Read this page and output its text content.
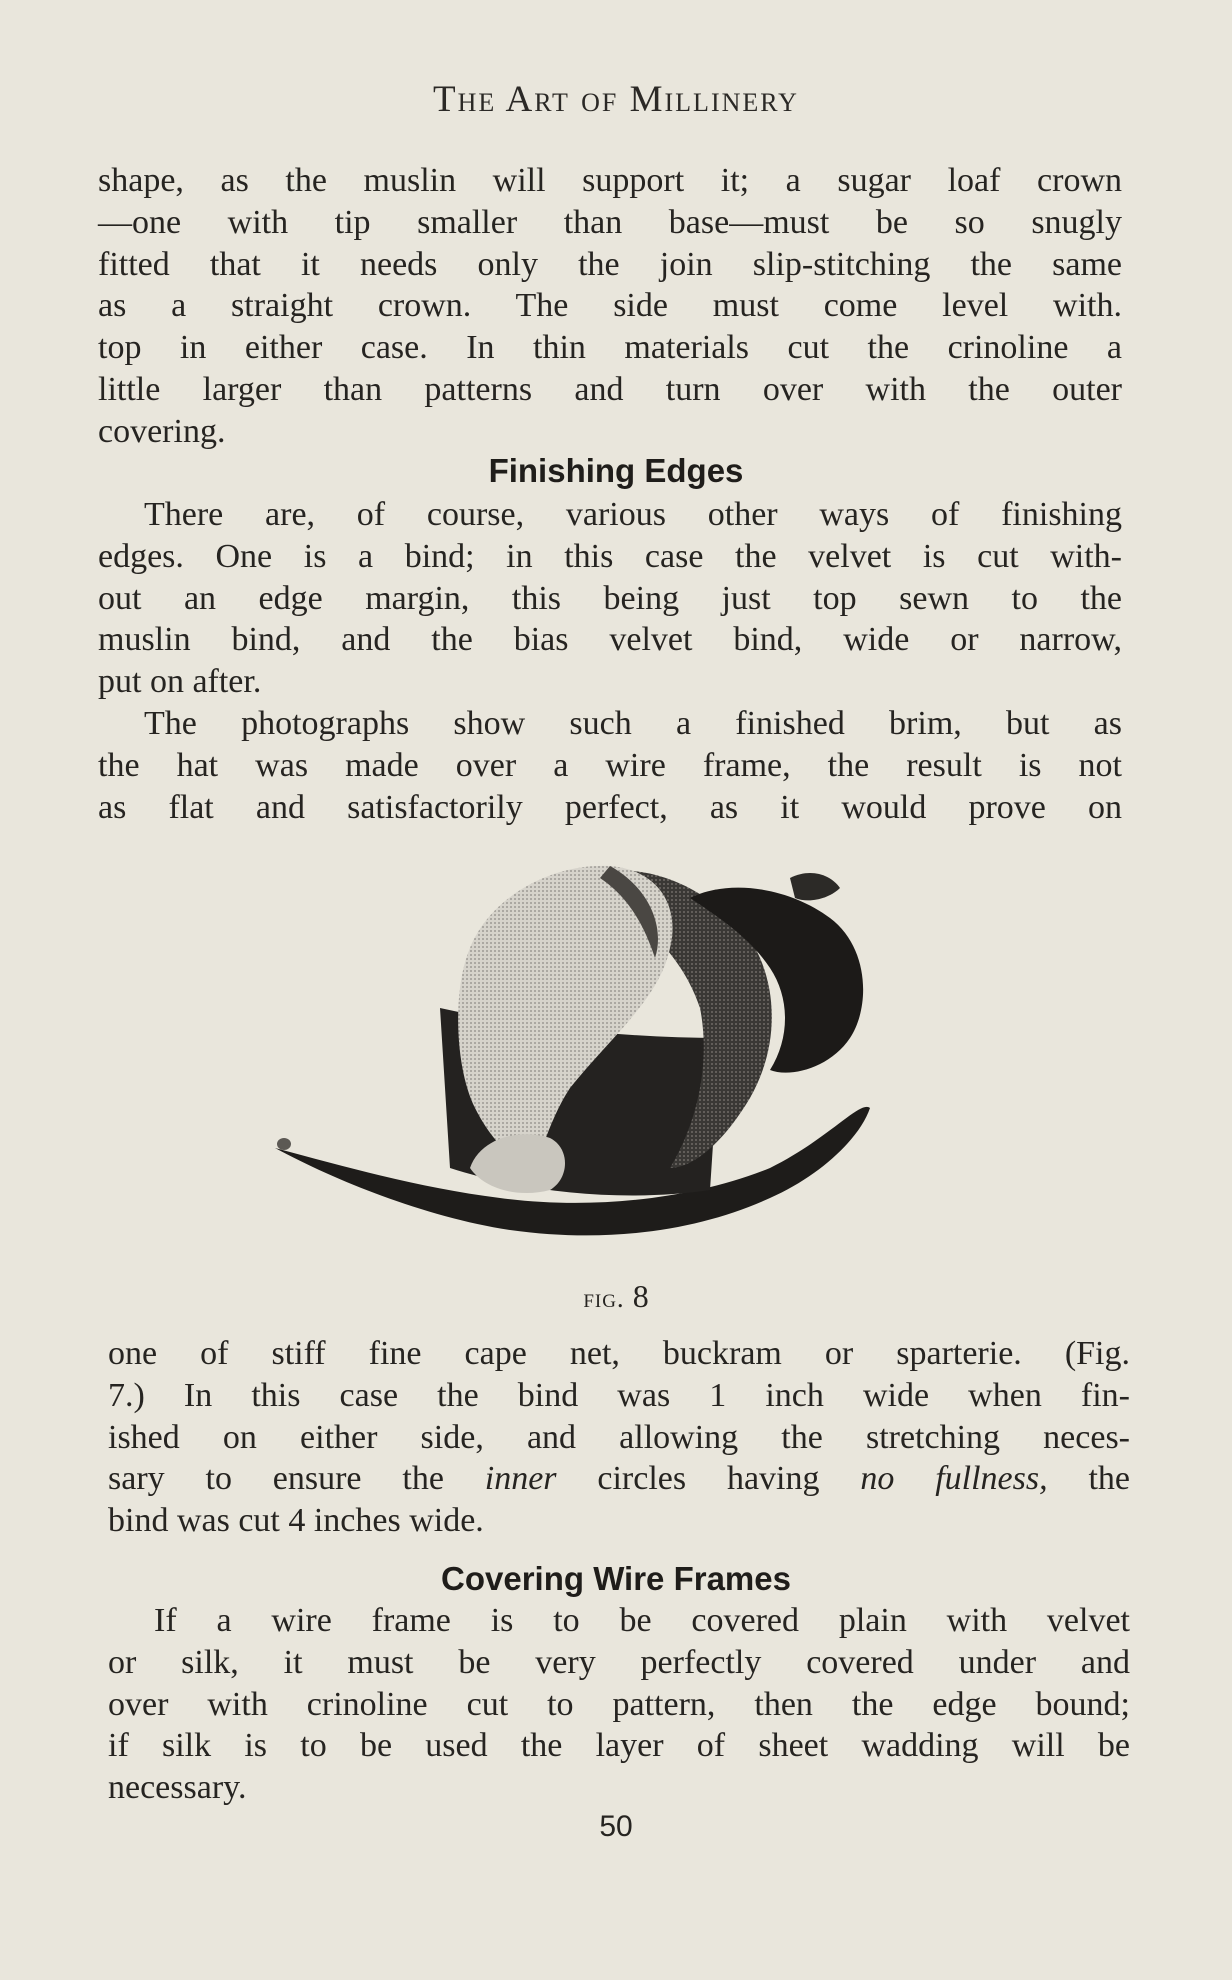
The Art of Millinery

shape, as the muslin will support it; a sugar loaf crown

—one with tip smaller than base—must be so snugly

fitted that it needs only the join slip-stitching the same

as a straight crown. The side must come level with.

top in either case. In thin materials cut the crinoline a

little larger than patterns and turn over with the outer

covering.

Finishing Edges

There are, of course, various other ways of finishing

edges. One is a bind; in this case the velvet is cut with-

out an edge margin, this being just top sewn to the

muslin bind, and the bias velvet bind, wide or narrow,

put on after.

The photographs show such a finished brim, but as

the hat was made over a wire frame, the result is not

as flat and satisfactorily perfect, as it would prove on

fig. 8

one of stiff fine cape net, buckram or sparterie. (Fig.

7.) In this case the bind was 1 inch wide when fin-

ished on either side, and allowing the stretching neces-

sary to ensure the inner circles having no fullness, the

bind was cut 4 inches wide.

Covering Wire Frames

If a wire frame is to be covered plain with velvet

or silk, it must be very perfectly covered under and

over with crinoline cut to pattern, then the edge bound;

if silk is to be used the layer of sheet wadding will be

necessary.

50
